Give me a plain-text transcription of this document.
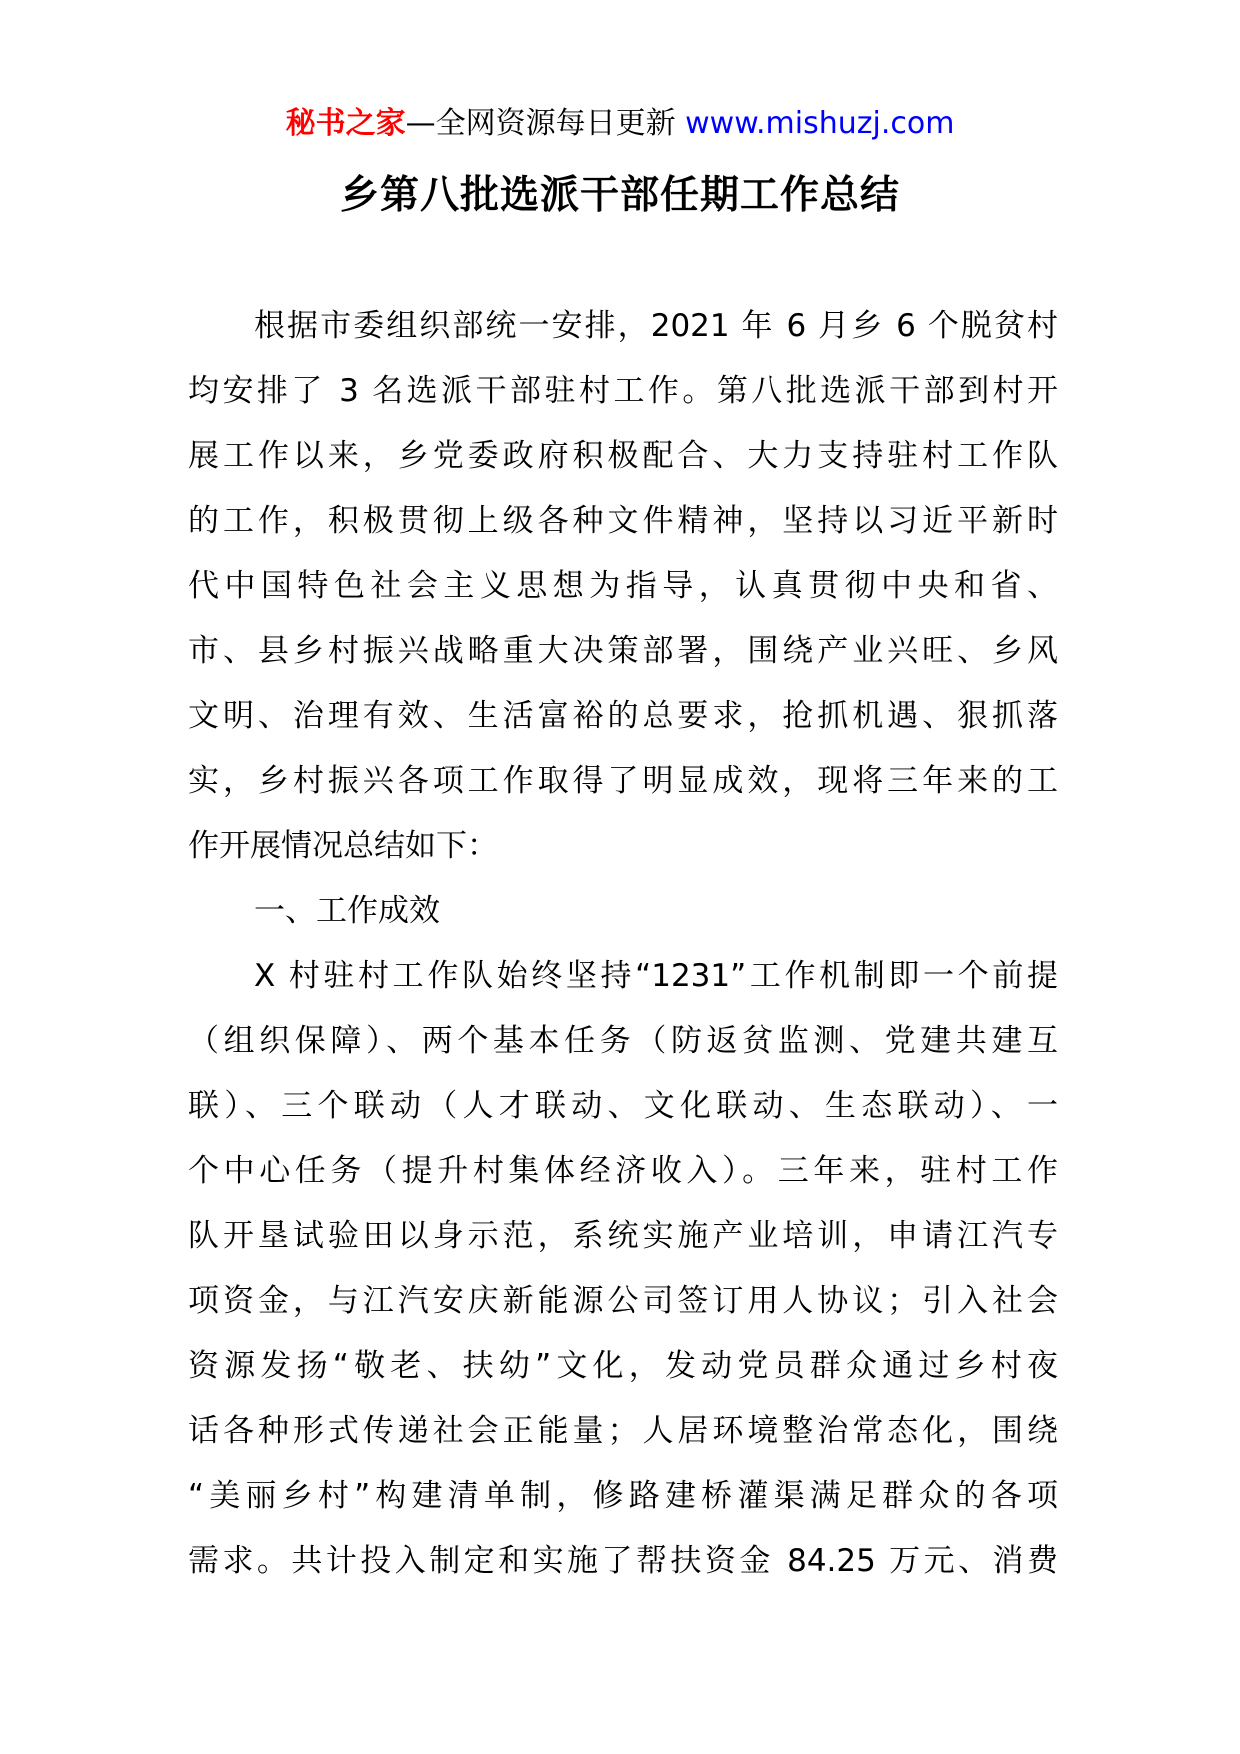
秘书之家—全网资源每日更新 www.mishuzj.com
乡第八批选派干部任期工作总结
根据市委组织部统一安排，2021 年 6 月乡 6 个脱贫村
均安排了 3 名选派干部驻村工作。第八批选派干部到村开
展工作以来，乡党委政府积极配合、大力支持驻村工作队
的工作，积极贯彻上级各种文件精神，坚持以习近平新时
代中国特色社会主义思想为指导，认真贯彻中央和省、
市、县乡村振兴战略重大决策部署，围绕产业兴旺、乡风
文明、治理有效、生活富裕的总要求，抢抓机遇、狠抓落
实，乡村振兴各项工作取得了明显成效，现将三年来的工
作开展情况总结如下：
一、工作成效
X 村驻村工作队始终坚持“1231”工作机制即一个前提
（组织保障）、两个基本任务（防返贫监测、党建共建互
联）、三个联动（人才联动、文化联动、生态联动）、一
个中心任务（提升村集体经济收入）。三年来，驻村工作
队开垦试验田以身示范，系统实施产业培训，申请江汽专
项资金，与江汽安庆新能源公司签订用人协议；引入社会
资源发扬“敬老、扶幼”文化，发动党员群众通过乡村夜
话各种形式传递社会正能量；人居环境整治常态化，围绕
“美丽乡村”构建清单制，修路建桥灌渠满足群众的各项
需求。共计投入制定和实施了帮扶资金 84.25 万元、消费
